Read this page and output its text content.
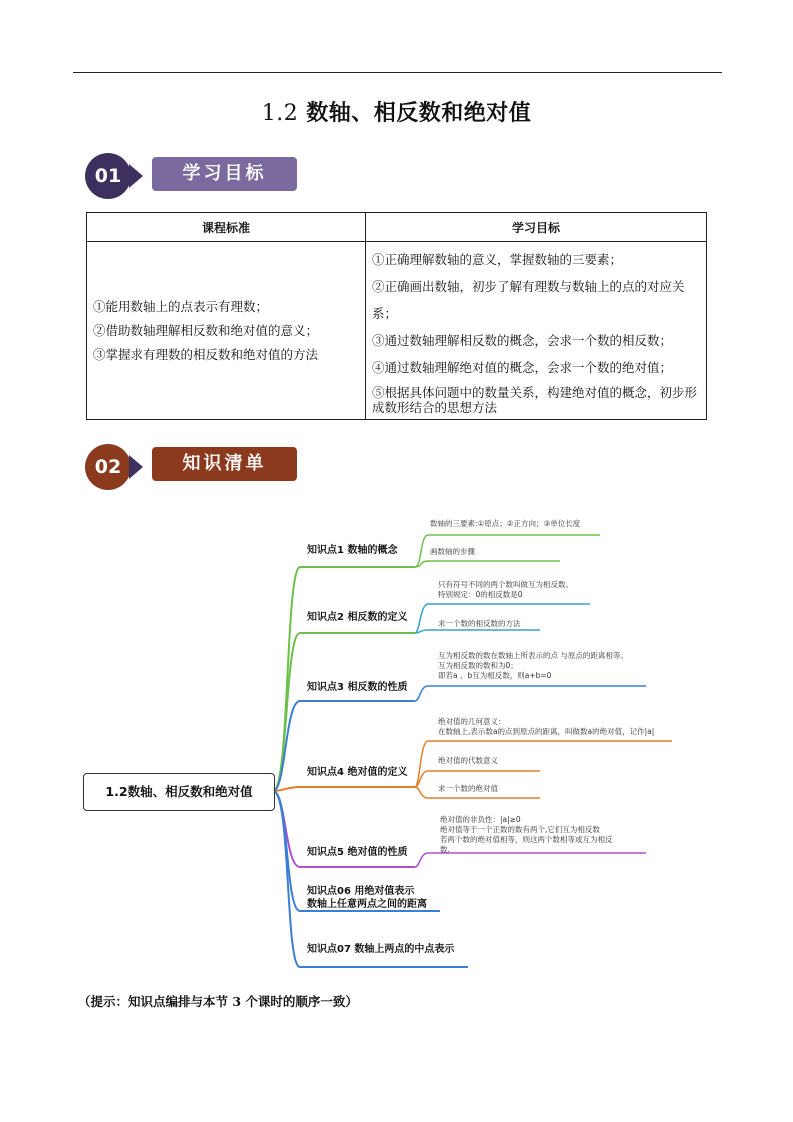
1.2 数轴、相反数和绝对值
01	学习目标
课程标准	学习目标

①能用数轴上的点表示有理数；
②借助数轴理解相反数和绝对值的意义；
③掌握求有理数的相反数和绝对值的方法	①正确理解数轴的意义，掌握数轴的三要素；
②正确画出数轴，初步了解有理数与数轴上的点的对应关系；
③通过数轴理解相反数的概念，会求一个数的相反数；
④通过数轴理解绝对值的概念，会求一个数的绝对值；
⑤根据具体问题中的数量关系，构建绝对值的概念，初步形成数形结合的思想方法
02	知识清单
1.2数轴、相反数和绝对值
知识点1 数轴的概念
数轴的三要素:①原点；②正方向；③单位长度
画数轴的步骤
知识点2 相反数的定义
只有符号不同的两个数叫做互为相反数。
特别规定：0的相反数是0
求一个数的相反数的方法
知识点3 相反数的性质
互为相反数的数在数轴上所表示的点 与原点的距离相等。
互为相反数的数和为0；
即若a 、b互为相反数，则a+b=0
知识点4 绝对值的定义
绝对值的几何意义：
在数轴上,表示数a的点到原点的距离，叫做数a的绝对值，记作|a|
绝对值的代数意义
求一个数的绝对值
知识点5 绝对值的性质
绝对值的非负性：|a|≥0
绝对值等于一个正数的数有两个,它们互为相反数
若两个数的绝对值相等，则这两个数相等或互为相反
数.
知识点06 用绝对值表示
数轴上任意两点之间的距离
知识点07 数轴上两点的中点表示
（提示：知识点编排与本节 3 个课时的顺序一致）
